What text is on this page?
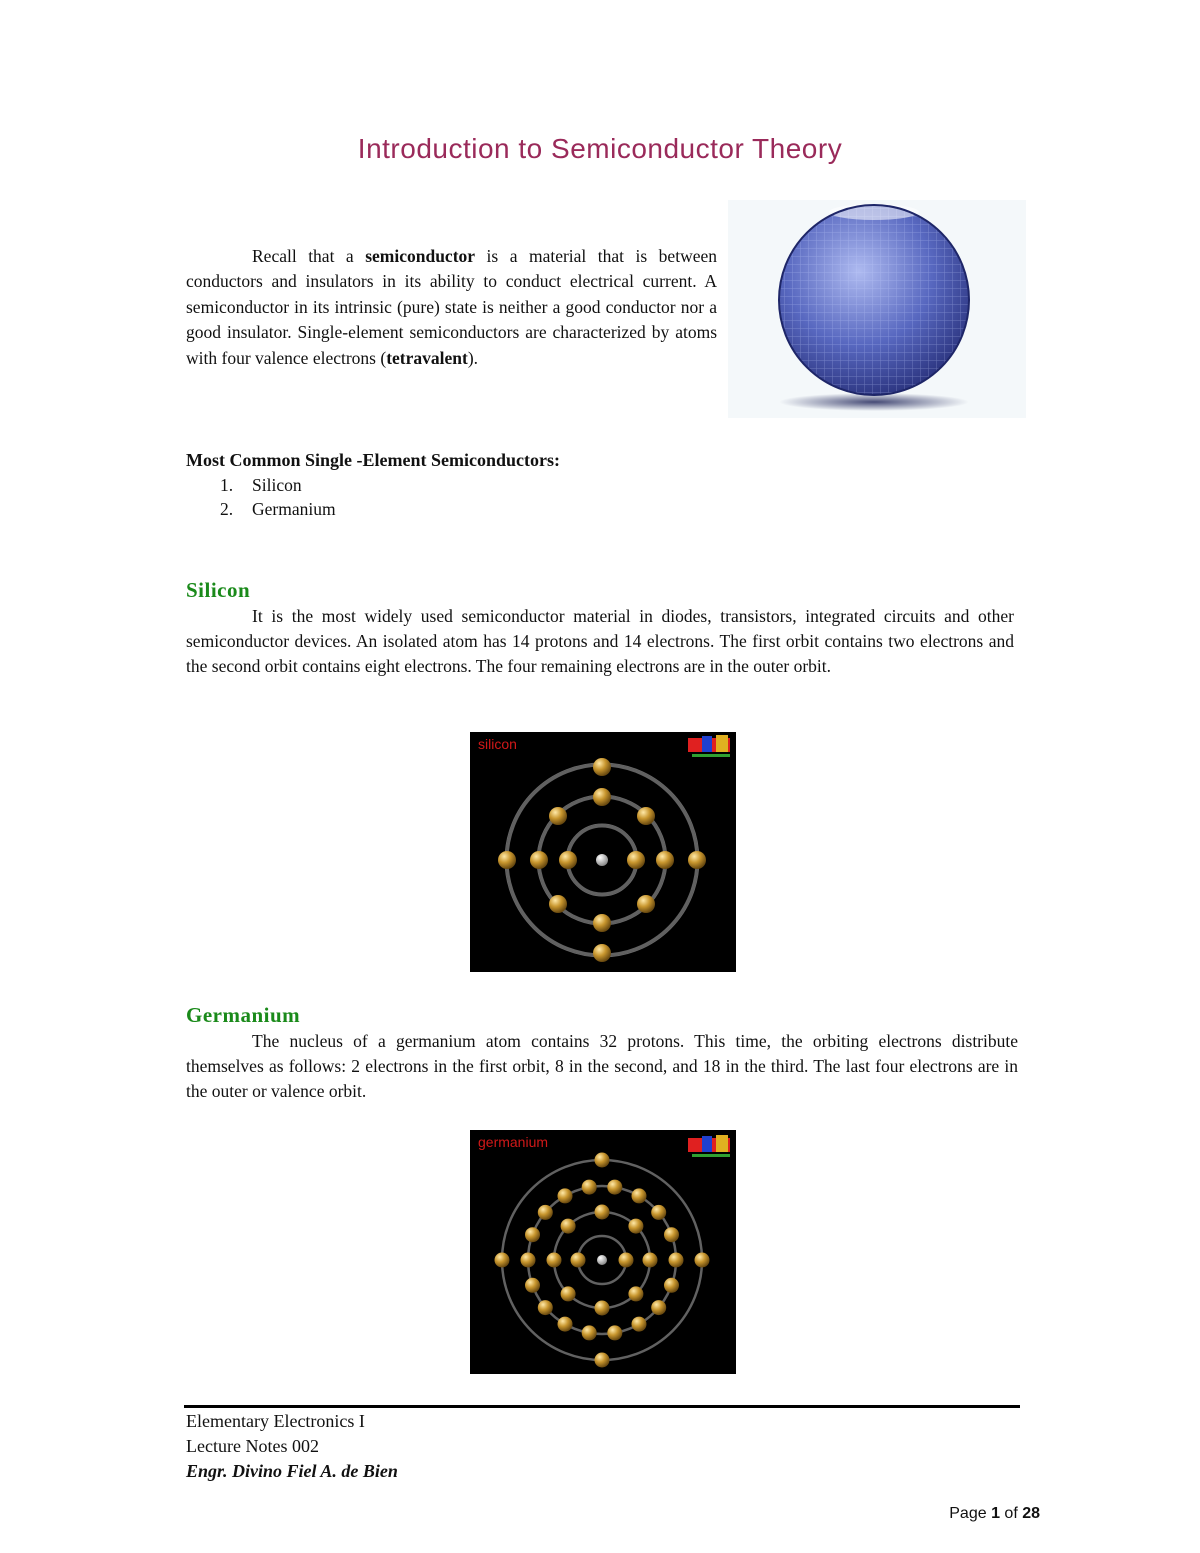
Introduction to Semiconductor Theory

Recall that a semiconductor is a material that is between conductors and insulators in its ability to conduct electrical current. A semiconductor in its intrinsic (pure) state is neither a good conductor nor a good insulator. Single-element semiconductors are characterized by atoms with four valence electrons (tetravalent).

Most Common Single -Element Semiconductors:
1. Silicon
2. Germanium
Silicon

It is the most widely used semiconductor material in diodes, transistors, integrated circuits and other semiconductor devices. An isolated atom has 14 protons and 14 electrons. The first orbit contains two electrons and the second orbit contains eight electrons. The four remaining electrons are in the outer orbit.

silicon
Germanium

The nucleus of a germanium atom contains 32 protons. This time, the orbiting electrons distribute themselves as follows: 2 electrons in the first orbit, 8 in the second, and 18 in the third. The last four electrons are in the outer or valence orbit.

germanium
Elementary Electronics I
Lecture Notes 002
Engr. Divino Fiel A. de Bien
Page 1 of 28
